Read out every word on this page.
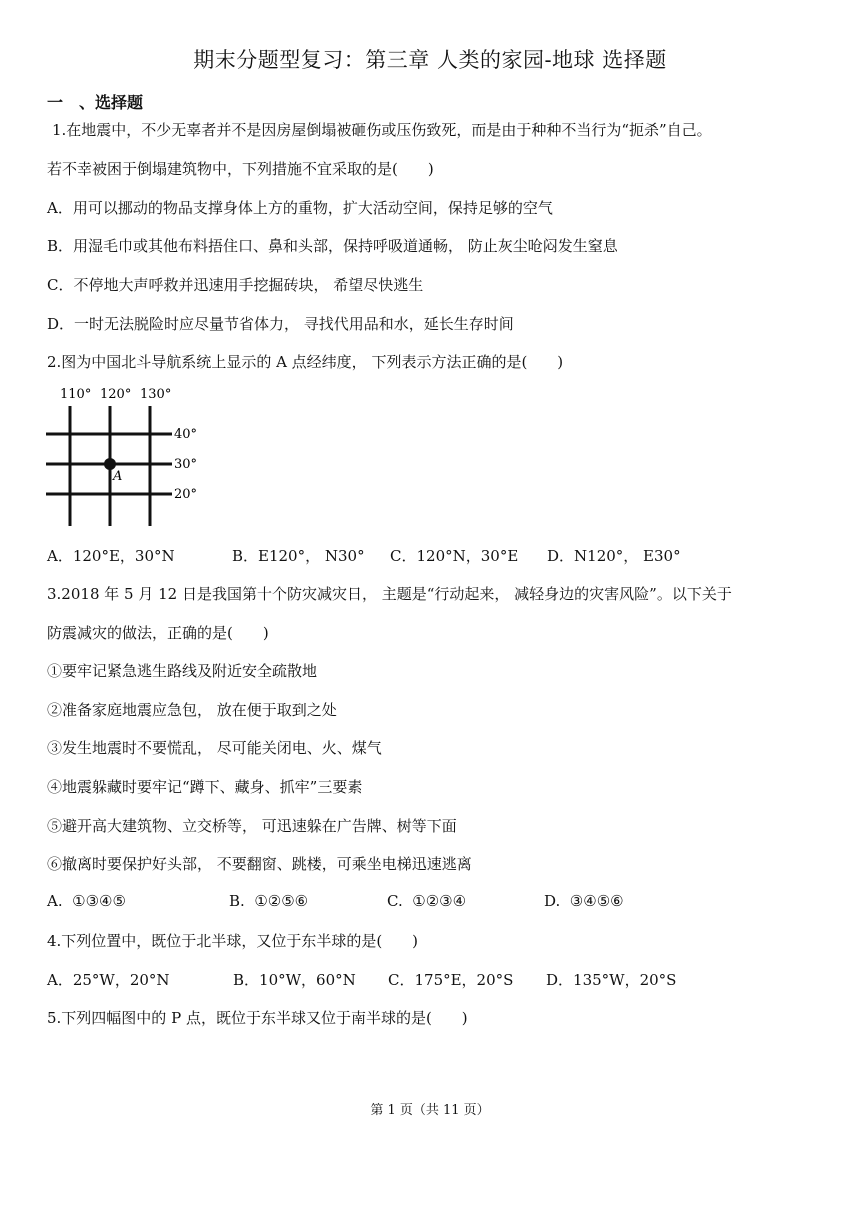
期末分题型复习：第三章 人类的家园-地球 选择题
一　、选择题
1.在地震中，不少无辜者并不是因房屋倒塌被砸伤或压伤致死，而是由于种种不当行为“扼杀”自己。
若不幸被困于倒塌建筑物中，下列措施不宜采取的是(　　)
A．用可以挪动的物品支撑身体上方的重物，扩大活动空间，保持足够的空气
B．用湿毛巾或其他布料捂住口、鼻和头部，保持呼吸道通畅， 防止灰尘呛闷发生窒息
C．不停地大声呼救并迅速用手挖掘砖块， 希望尽快逃生
D．一时无法脱险时应尽量节省体力， 寻找代用品和水，延长生存时间
2.图为中国北斗导航系统上显示的 A 点经纬度， 下列表示方法正确的是(　　)
110° 120° 130°
40°
30°
20°
A
A．120°E，30°N	B．E120°， N30°	C．120°N，30°E	D．N120°， E30°
3.2018 年 5 月 12 日是我国第十个防灾减灾日， 主题是“行动起来， 减轻身边的灾害风险”。以下关于
防震减灾的做法，正确的是(　　)
①要牢记紧急逃生路线及附近安全疏散地
②准备家庭地震应急包， 放在便于取到之处
③发生地震时不要慌乱， 尽可能关闭电、火、煤气
④地震躲藏时要牢记“蹲下、藏身、抓牢”三要素
⑤避开高大建筑物、立交桥等， 可迅速躲在广告牌、树等下面
⑥撤离时要保护好头部， 不要翻窗、跳楼，可乘坐电梯迅速逃离
A.  ①③④⑤	B.  ①②⑤⑥	C.  ①②③④	D.  ③④⑤⑥
4.下列位置中，既位于北半球，又位于东半球的是(　　)
A．25°W，20°N	B．10°W，60°N	C．175°E，20°S	D．135°W，20°S
5.下列四幅图中的 P 点，既位于东半球又位于南半球的是(　　)
第 1 页（共 11 页）
